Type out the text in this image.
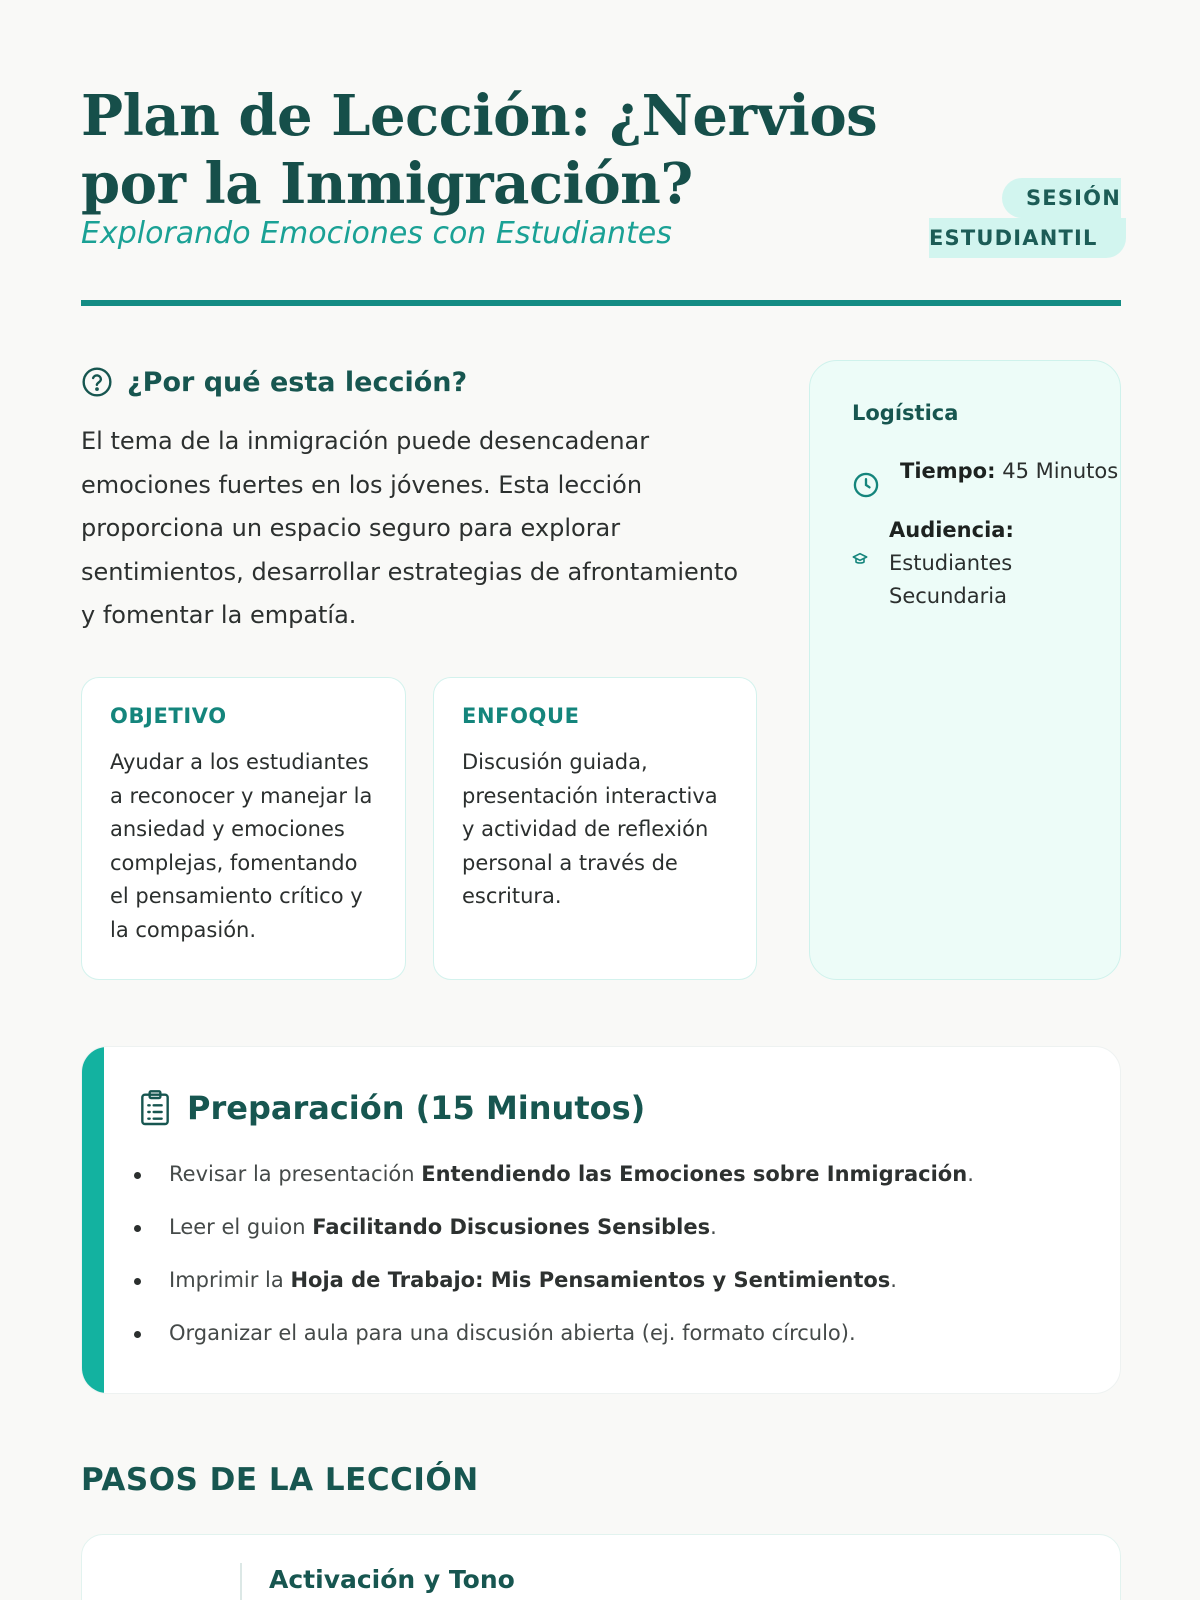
Plan de Lección: ¿Nervios por la Inmigración?
Explorando Emociones con Estudiantes
SESIÓN
ESTUDIANTIL
¿Por qué esta lección?

El tema de la inmigración puede desencadenar emociones fuertes en los jóvenes. Esta lección proporciona un espacio seguro para explorar sentimientos, desarrollar estrategias de afrontamiento y fomentar la empatía.

OBJETIVO

Ayudar a los estudiantes a reconocer y manejar la ansiedad y emociones complejas, fomentando el pensamiento crítico y la compasión.

ENFOQUE

Discusión guiada, presentación interactiva y actividad de reflexión personal a través de escritura.

Logística
Tiempo: 45 Minutos
Audiencia:
Estudiantes Secundaria
Preparación (15 Minutos)
Revisar la presentación Entendiendo las Emociones sobre Inmigración.
Leer el guion Facilitando Discusiones Sensibles.
Imprimir la Hoja de Trabajo: Mis Pensamientos y Sentimientos.
Organizar el aula para una discusión abierta (ej. formato círculo).
PASOS DE LA LECCIÓN
Activación y Tono
